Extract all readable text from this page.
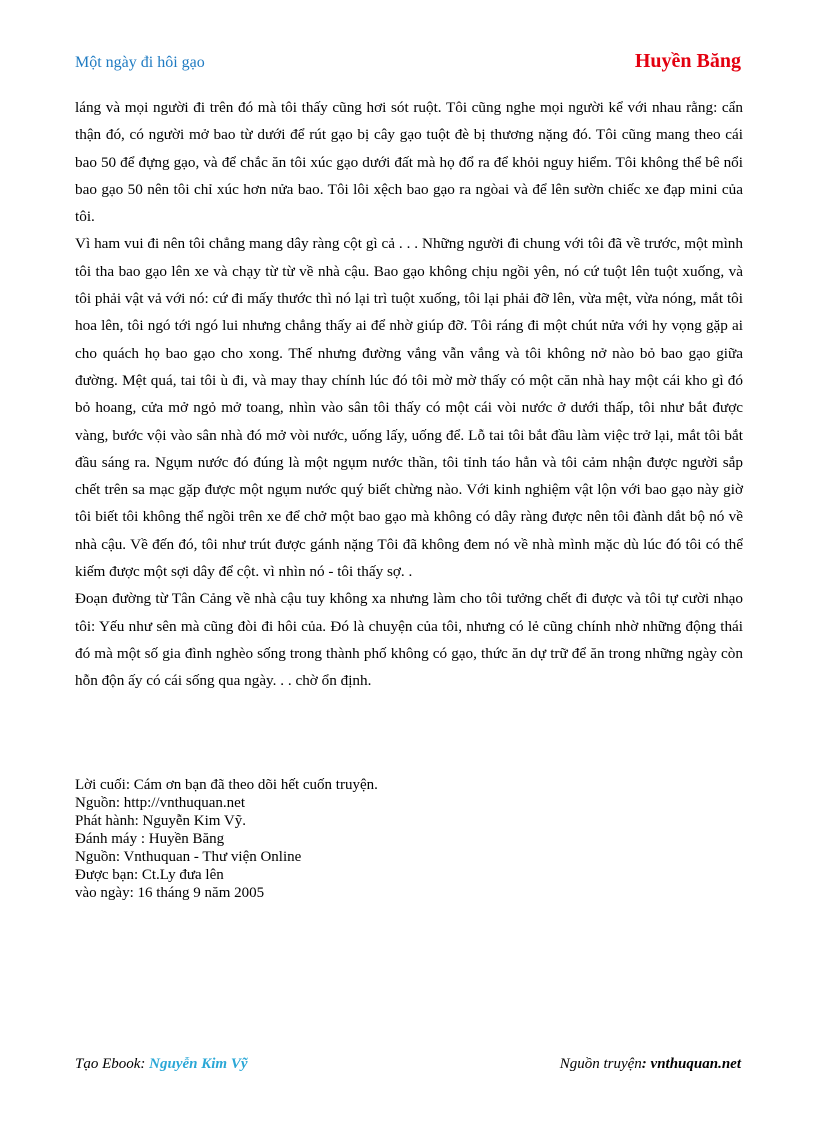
Một ngày đi hôi gạo	Huyền Băng

láng và mọi người đi trên đó mà tôi thấy cũng hơi sót ruột. Tôi cũng nghe mọi người kể với nhau rằng: cẩn thận đó, có người mở bao từ dưới để rút gạo bị cây gạo tuột đè bị thương nặng đó. Tôi cũng mang theo cái bao 50 để đựng gạo, và để chắc ăn tôi xúc gạo dưới đất mà họ đổ ra để khỏi nguy hiểm. Tôi không thể bê nổi bao gạo 50 nên tôi chỉ xúc hơn nửa bao. Tôi lôi xệch bao gạo ra ngòai và để lên sườn chiếc xe đạp mini của tôi.

Vì ham vui đi nên tôi chẳng mang dây ràng cột gì cả . . . Những người đi chung với tôi đã về trước, một mình tôi tha bao gạo lên xe và chạy từ từ về nhà cậu. Bao gạo không chịu ngồi yên, nó cứ tuột lên tuột xuống, và tôi phải vật vả với nó: cứ đi mấy thước thì nó lại trì tuột xuống, tôi lại phải đỡ lên, vừa mệt, vừa nóng, mắt tôi hoa lên, tôi ngó tới ngó lui nhưng chẳng thấy ai để nhờ giúp đỡ. Tôi ráng đi một chút nửa với hy vọng gặp ai cho quách họ bao gạo cho xong. Thế nhưng đường vắng vẫn vắng và tôi không nở nào bỏ bao gạo giữa đường. Mệt quá, tai tôi ù đi, và may thay chính lúc đó tôi mờ mờ thấy có một căn nhà hay một cái kho gì đó bỏ hoang, cửa mở ngỏ mở toang, nhìn vào sân tôi thấy có một cái vòi nước ở dưới thấp, tôi như bắt được vàng, bước vội vào sân nhà đó mở vòi nước, uống lấy, uống để. Lỗ tai tôi bắt đầu làm việc trở lại, mắt tôi bắt đầu sáng ra. Ngụm nước đó đúng là một ngụm nước thần, tôi tỉnh táo hẳn và tôi cảm nhận được người sắp chết trên sa mạc gặp được một ngụm nước quý biết chừng nào. Với kinh nghiệm vật lộn với bao gạo này giờ tôi biết tôi không thể ngồi trên xe để chở một bao gạo mà không có dây ràng được nên tôi đành dắt bộ nó về nhà cậu. Về đến đó, tôi như trút được gánh nặng Tôi đã không đem nó về nhà mình mặc dù lúc đó tôi có thể kiếm được một sợi dây để cột. vì nhìn nó - tôi thấy sợ. .

Đoạn đường từ Tân Cảng về nhà cậu tuy không xa nhưng làm cho tôi tưởng chết đi được và tôi tự cười nhạo tôi: Yếu như sên mà cũng đòi đi hôi của. Đó là chuyện của tôi, nhưng có lẻ cũng chính nhờ những động thái đó mà một số gia đình nghèo sống trong thành phố không có gạo, thức ăn dự trữ để ăn trong những ngày còn hỗn độn ấy có cái sống qua ngày. . . chờ ổn định.

Lời cuối: Cám ơn bạn đã theo dõi hết cuốn truyện.
Nguồn: http://vnthuquan.net
Phát hành: Nguyễn Kim Vỹ.
Đánh máy : Huyền Băng
Nguồn: Vnthuquan - Thư viện Online
Được bạn: Ct.Ly đưa lên
vào ngày: 16 tháng 9 năm 2005
Tạo Ebook: Nguyễn Kim Vỹ	Nguồn truyện: vnthuquan.net
